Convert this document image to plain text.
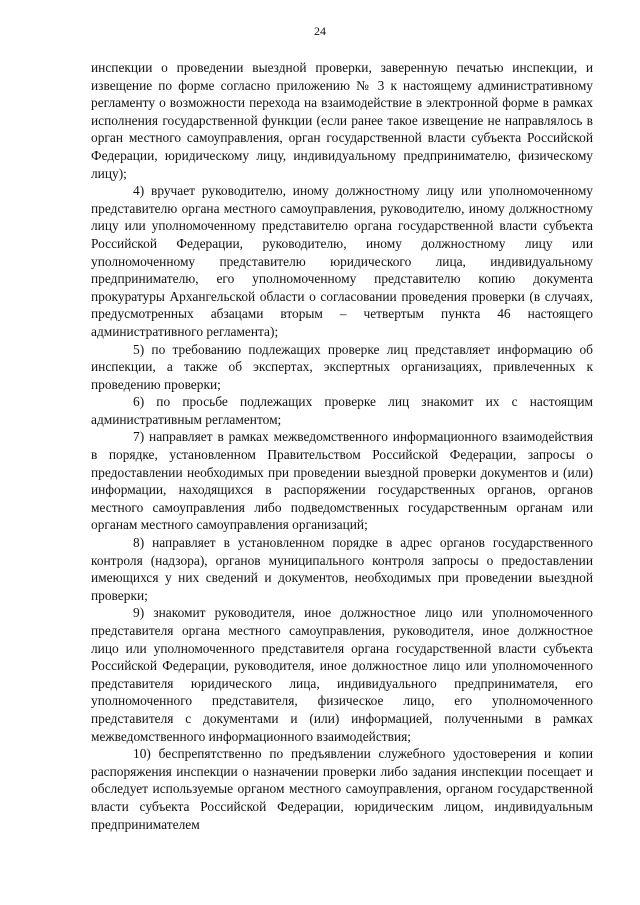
24

инспекции о проведении выездной проверки, заверенную печатью инспекции, и извещение по форме согласно приложению № 3 к настоящему административному регламенту о возможности перехода на взаимодействие в электронной форме в рамках исполнения государственной функции (если ранее такое извещение не направлялось в орган местного самоуправления, орган государственной власти субъекта Российской Федерации, юридическому лицу, индивидуальному предпринимателю, физическому лицу);

4) вручает руководителю, иному должностному лицу или уполномоченному представителю органа местного самоуправления, руководителю, иному должностному лицу или уполномоченному представителю органа государственной власти субъекта Российской Федерации, руководителю, иному должностному лицу или уполномоченному представителю юридического лица, индивидуальному предпринимателю, его уполномоченному представителю копию документа прокуратуры Архангельской области о согласовании проведения проверки (в случаях, предусмотренных абзацами вторым – четвертым пункта 46 настоящего административного регламента);

5) по требованию подлежащих проверке лиц представляет информацию об инспекции, а также об экспертах, экспертных организациях, привлеченных к проведению проверки;

6) по просьбе подлежащих проверке лиц знакомит их с настоящим административным регламентом;

7) направляет в рамках межведомственного информационного взаимодействия в порядке, установленном Правительством Российской Федерации, запросы о предоставлении необходимых при проведении выездной проверки документов и (или) информации, находящихся в распоряжении государственных органов, органов местного самоуправления либо подведомственных государственным органам или органам местного самоуправления организаций;

8) направляет в установленном порядке в адрес органов государственного контроля (надзора), органов муниципального контроля запросы о предоставлении имеющихся у них сведений и документов, необходимых при проведении выездной проверки;

9) знакомит руководителя, иное должностное лицо или уполномоченного представителя органа местного самоуправления, руководителя, иное должностное лицо или уполномоченного представителя органа государственной власти субъекта Российской Федерации, руководителя, иное должностное лицо или уполномоченного представителя юридического лица, индивидуального предпринимателя, его уполномоченного представителя, физическое лицо, его уполномоченного представителя с документами и (или) информацией, полученными в рамках межведомственного информационного взаимодействия;

10) беспрепятственно по предъявлении служебного удостоверения и копии распоряжения инспекции о назначении проверки либо задания инспекции посещает и обследует используемые органом местного самоуправления, органом государственной власти субъекта Российской Федерации, юридическим лицом, индивидуальным предпринимателем
